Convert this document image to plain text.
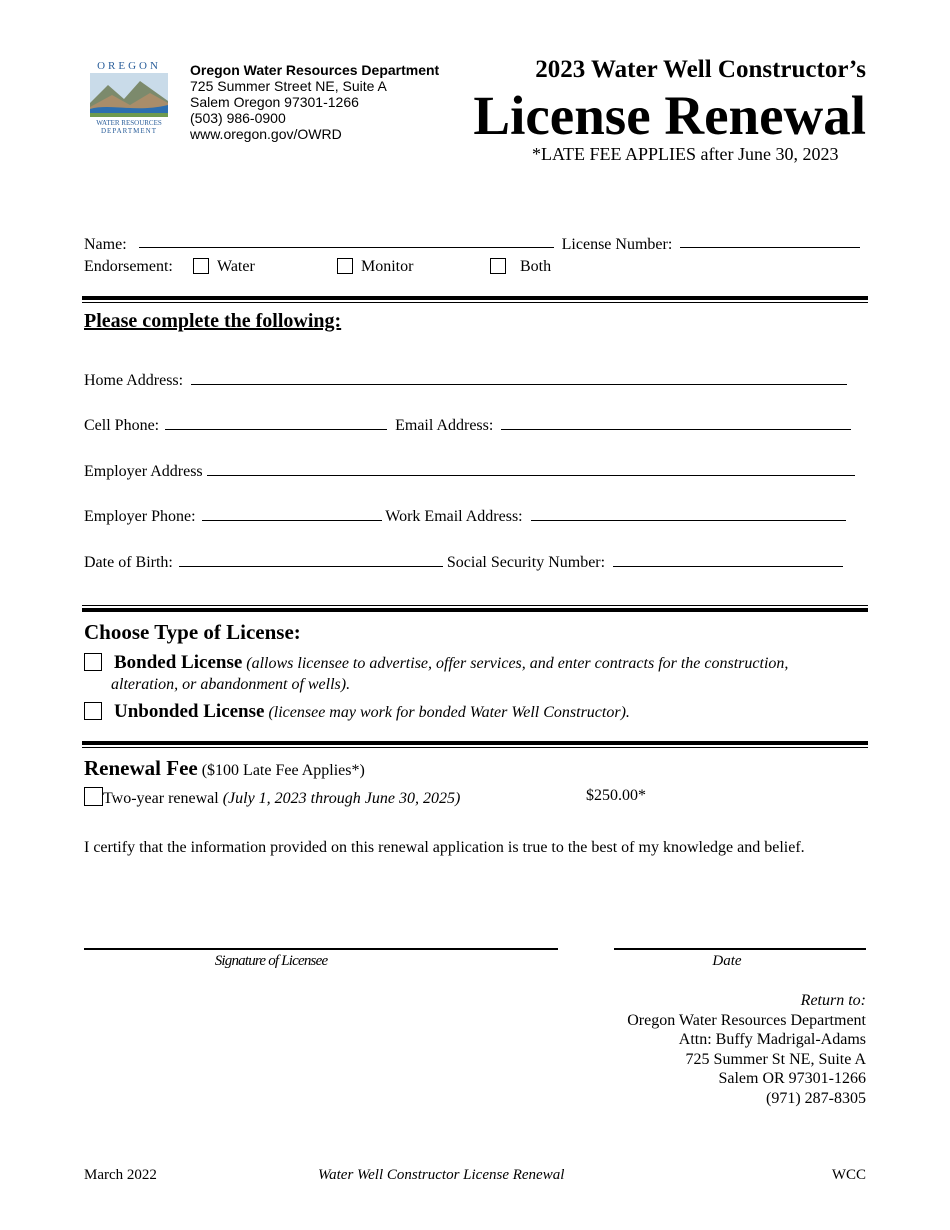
OREGON
WATER RESOURCES
DEPARTMENT
Oregon Water Resources Department
725 Summer Street NE, Suite A
Salem Oregon 97301-1266
(503) 986-0900
www.oregon.gov/OWRD
2023 Water Well Constructor’s
License Renewal
*LATE FEE APPLIES after June 30, 2023
Name:	License Number:
Endorsement:	Water	Monitor	Both
Please complete the following:
Home Address:
Cell Phone:	Email Address:
Employer Address
Employer Phone:	Work Email Address:
Date of Birth:	Social Security Number:
Choose Type of License:
Bonded License (allows licensee to advertise, offer services, and enter contracts for the construction,
alteration, or abandonment of wells).
Unbonded License (licensee may work for bonded Water Well Constructor).
Renewal Fee ($100 Late Fee Applies*)
Two-year renewal (July 1, 2023 through June 30, 2025)	$250.00*
I certify that the information provided on this renewal application is true to the best of my knowledge and belief.
Signature of Licensee	Date
Return to:
Oregon Water Resources Department
Attn: Buffy Madrigal-Adams
725 Summer St NE, Suite A
Salem OR 97301-1266
(971) 287-8305
March 2022	Water Well Constructor License Renewal	WCC
